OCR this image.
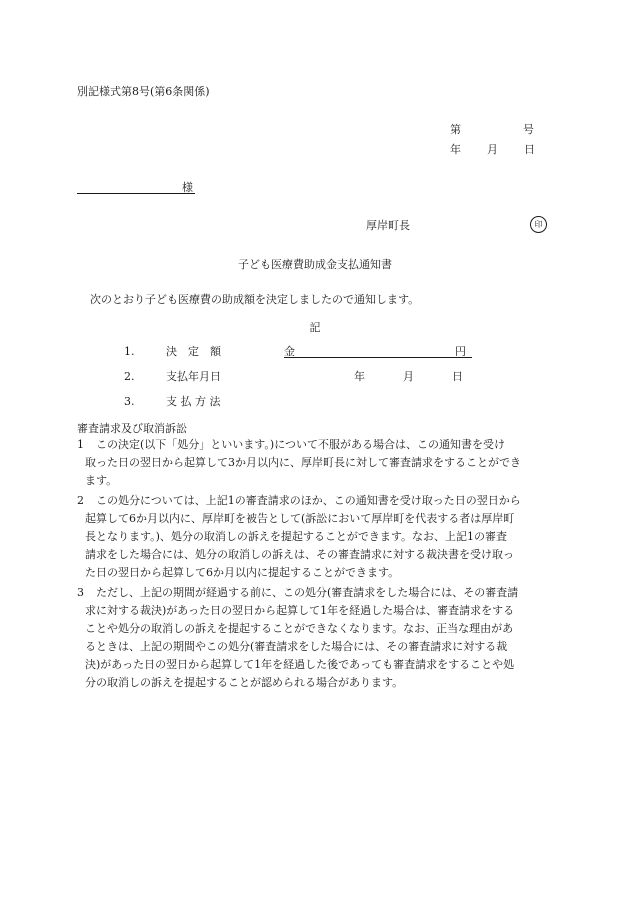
別記様式第8号(第6条関係)
第	号
年 月 日
様
厚岸町長	印
子ども医療費助成金支払通知書
次のとおり子ども医療費の助成額を決定しましたので通知します。
記
1.	決　定　額	金	円
2.	支払年月日	年	月	日
3.	支 払 方 法
審査請求及び取消訴訟
1 　この決定(以下「処分」といいます。)について不服がある場合は、この通知書を受け
取った日の翌日から起算して3か月以内に、厚岸町長に対して審査請求をすることができ
ます。
2 　この処分については、上記1の審査請求のほか、この通知書を受け取った日の翌日から
起算して6か月以内に、厚岸町を被告として(訴訟において厚岸町を代表する者は厚岸町
長となります。)、処分の取消しの訴えを提起することができます。なお、上記1の審査
請求をした場合には、処分の取消しの訴えは、その審査請求に対する裁決書を受け取っ
た日の翌日から起算して6か月以内に提起することができます。
3 　ただし、上記の期間が経過する前に、この処分(審査請求をした場合には、その審査請
求に対する裁決)があった日の翌日から起算して1年を経過した場合は、審査請求をする
ことや処分の取消しの訴えを提起することができなくなります。なお、正当な理由があ
るときは、上記の期間やこの処分(審査請求をした場合には、その審査請求に対する裁
決)があった日の翌日から起算して1年を経過した後であっても審査請求をすることや処
分の取消しの訴えを提起することが認められる場合があります。
